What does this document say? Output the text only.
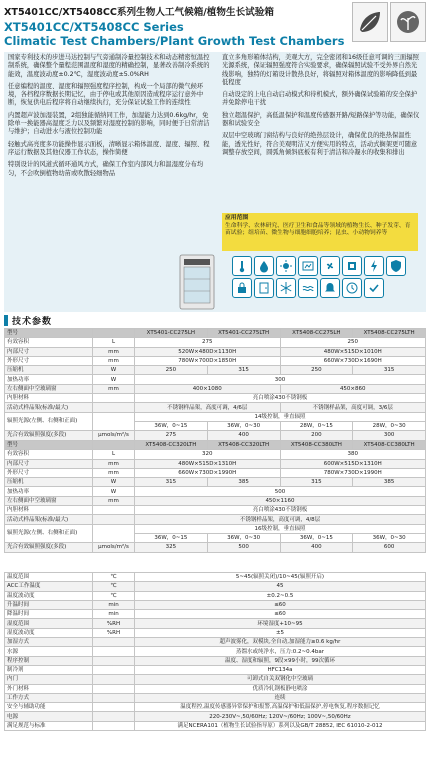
XT5401CC/XT5408CC系列生物人工气候箱/植物生长试验箱
XT5401CC/XT5408CC Series
Climatic Test Chambers/Plant Growth Test Chambers

国家专利技术的步进马达控制与气旁通制冷量控制技术和动态精密恒温控制系统，确保整个量程范围温度和湿度的精确控制，显著改善制冷系统的能效，温度波动度±0.2℃，湿度波动度±5.0%RH

任意编程的温度、湿度和辐照强度程序控制，构成一个局部的微气候环境，各档程序数据长期记忆，由于停电或其他原因造成程序运行意外中断，恢复供电后程序将自动继续执行，充分保证试验工作的连续性

内置超声波加湿装置，2组独能循纳同工作，加湿能力达到0.6kg/hr，免除单一换能器高湿度乏力以及频繁对湿度控制的影响，同时便于日常清洁与维护；自动进水与液位控制功能

轻触式高亮度多功能操作显示面板，清晰显示箱体温度、湿度、辐照、程序运行数据及其他仪器工作状态，操作简便

特别设计的风道式循环通风方式，确保工作室内部风力和温湿度分布均匀，不会吹倒植物幼苗或吹散轻细物品

直立多角形箱体结构，美观大方，完全密闭和16级任意可调的三面辐照光源系统，保证辐照强度符合实验要求，确保辐照试验不受外界自然光线影响，独特的灯箱设计散热良好，将辐照对箱体温度的影响降低到最低程度

自动设定的上电自动启动模式和待机模式，额外确保试验箱的安全保护并免除停电干扰

独立超温保护，高低温保护和温度传感器开路/短路保护等功能，确保仪器和试验安全

双层中空玻璃门窗结构与良好的绝热层设计，确保优良的绝热保温性能，透光性好，符合美观明洁又方便实用的特点，活动式搁架更可随意调整存放空间，圆弧角倾斜底板有利于清洁和冷凝水的收集和排出

应用范围
生命科学、农林研究、医疗卫生和食品等领域的植物生长、种子发芽、育苗试验；组培苗、微生物与细胞细胞培养；昆虫、小动物饲养等
技术参数
型号		XT5401-CC275LH	XT5401-CC275LTH	XT5408-CC275LH	XT5408-CC275LTH
有效容积	L	275		250	
内部尺寸	mm	520W×480D×1130H		480W×515D×1010H	
外形尺寸	mm	780W×700D×1850H		660W×730D×1690H	
压缩机	W	250	315	250	315
加热功率	W	300			
左右侧面中空玻璃窗	mm	400×1080		450×860	
内胆材料		亮白喷涂430不锈钢板			
活动式样品架(标准/最大)		不锈钢样品架，高度可调，4/6层		不锈钢样品架，高度可调，3/6层	
辐照光源(左侧、右侧和正面)		14级控制，垂直辐照			
		36W，0~15	36W，0~30	28W，0~15	28W，0~30
光合有效辐照强度(多段)	μmols/m²/s	275	400	200	300
型号		XT5408-CC320LTH	XT5408-CC320LTH	XT5408-CC380LTH	XT5408-CC380LTH
有效容积	L	320		380	
内部尺寸	mm	480W×515D×1310H		600W×515D×1310H	
外形尺寸	mm	660W×730D×1990H		780W×730D×1990H	
压缩机	W	315	385	315	385
加热功率	W	500			
左右侧面中空玻璃窗	mm	450×1160			
内胆材料		亮白喷涂430不锈钢板			
活动式样品架(标准/最大)		不锈钢样品架，高度可调，4/8层			
辐照光源(左侧、右侧和正面)		16级控制，垂直辐照			
		36W，0~15	36W，0~30	36W，0~15	36W，0~30
光合有效辐照强度(多段)	μmols/m²/s	325	500	400	600
温度范围	℃	5~45(辐照关闭)/10~45(辐照开启)
ACC工作温度	℃	45
温度波动度	℃	±0.2~0.5
升温时间	min	≤60
降温时间	min	≤60
湿度范围	%RH	环境湿度+10~95
湿度波动度	%RH	±5
加湿方式		超声波雾化，双模块,全自动,加湿能力≥0.6 kg/hr
水源		蒸馏水或纯净水，压力:0.2~0.4bar
程序控制		温度、湿度和辐照，9段×99小时，99次循环
制冷剂		HFC134a
内门		可卸式自关双钢化中空玻璃
外门材料		优质冷轧钢板静电喷涂
工作方式		连续
安全与辅助功能		温度程控,温度传感器异常保护和报警,高温保护和低温保护,停电恢复,程序数据记忆
电源		220-230V~,50/60Hz; 120V~/60Hz; 100V~,50/60Hz
满足规范与标准		满足NCERA101（植物生长试验指导原）系列以及GB/T 28852, IEC 61010-2-012
